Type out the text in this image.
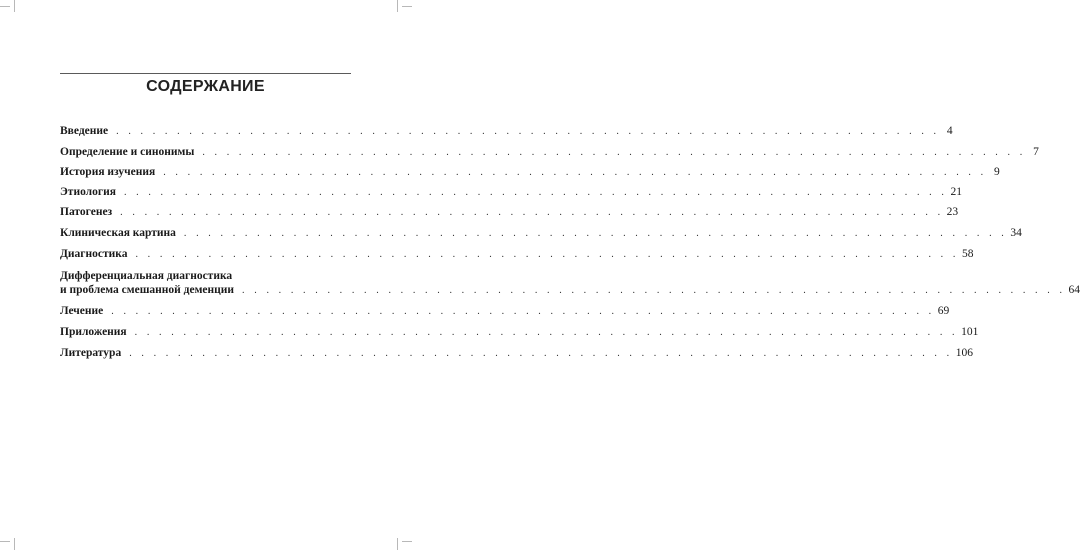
СОДЕРЖАНИЕ
Введение . . . . . . . . . . . . . . . . . . . . . . . . . . . . . . . . . . . . . . . . . . . . . . . . . . . . . . . . . . . . . . . . . . . . 4
Определение и синонимы . . . . . . . . . . . . . . . . . . . . . . . . . . . . . . . . . . . . . . . . . . . . . . . . . . . . . . . . . . . . . . . . . . . . 7
История изучения . . . . . . . . . . . . . . . . . . . . . . . . . . . . . . . . . . . . . . . . . . . . . . . . . . . . . . . . . . . . . . . . . . . . 9
Этиология . . . . . . . . . . . . . . . . . . . . . . . . . . . . . . . . . . . . . . . . . . . . . . . . . . . . . . . . . . . . . . . . . . . . 21
Патогенез . . . . . . . . . . . . . . . . . . . . . . . . . . . . . . . . . . . . . . . . . . . . . . . . . . . . . . . . . . . . . . . . . . . . 23
Клиническая картина . . . . . . . . . . . . . . . . . . . . . . . . . . . . . . . . . . . . . . . . . . . . . . . . . . . . . . . . . . . . . . . . . . . . 34
Диагностика . . . . . . . . . . . . . . . . . . . . . . . . . . . . . . . . . . . . . . . . . . . . . . . . . . . . . . . . . . . . . . . . . . . . 58
Дифференциальная диагностика
и проблема смешанной деменции . . . . . . . . . . . . . . . . . . . . . . . . . . . . . . . . . . . . . . . . . . . . . . . . . . . . . . . . . . . . . . . . . . . . 64
Лечение . . . . . . . . . . . . . . . . . . . . . . . . . . . . . . . . . . . . . . . . . . . . . . . . . . . . . . . . . . . . . . . . . . . . 69
Приложения . . . . . . . . . . . . . . . . . . . . . . . . . . . . . . . . . . . . . . . . . . . . . . . . . . . . . . . . . . . . . . . . . . . . 101
Литература . . . . . . . . . . . . . . . . . . . . . . . . . . . . . . . . . . . . . . . . . . . . . . . . . . . . . . . . . . . . . . . . . . . . 106
